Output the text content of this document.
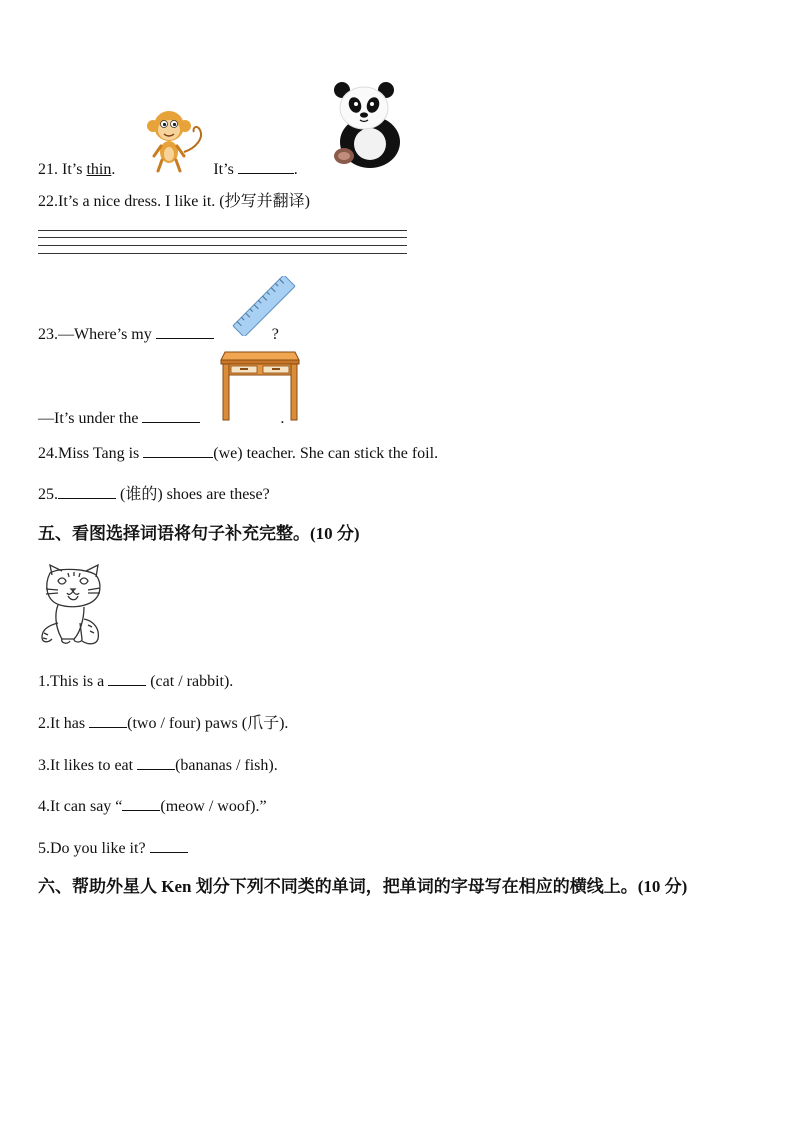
21. It’s thin.	It’s	.
22.It’s a nice dress. I like it. (抄写并翻译)
23.—Where’s my	?
—It’s under the	.
24.Miss Tang is	(we) teacher. She can stick the foil.
25.	(谁的) shoes are these?
五、看图选择词语将句子补充完整。(10 分)
1.This is a  (cat / rabbit).
2.It has (two / four) paws (爪子).
3.It likes to eat (bananas / fish).
4.It can say “ (meow / woof).”
5.Do you like it?
六、帮助外星人 Ken 划分下列不同类的单词，把单词的字母写在相应的横线上。(10 分)
